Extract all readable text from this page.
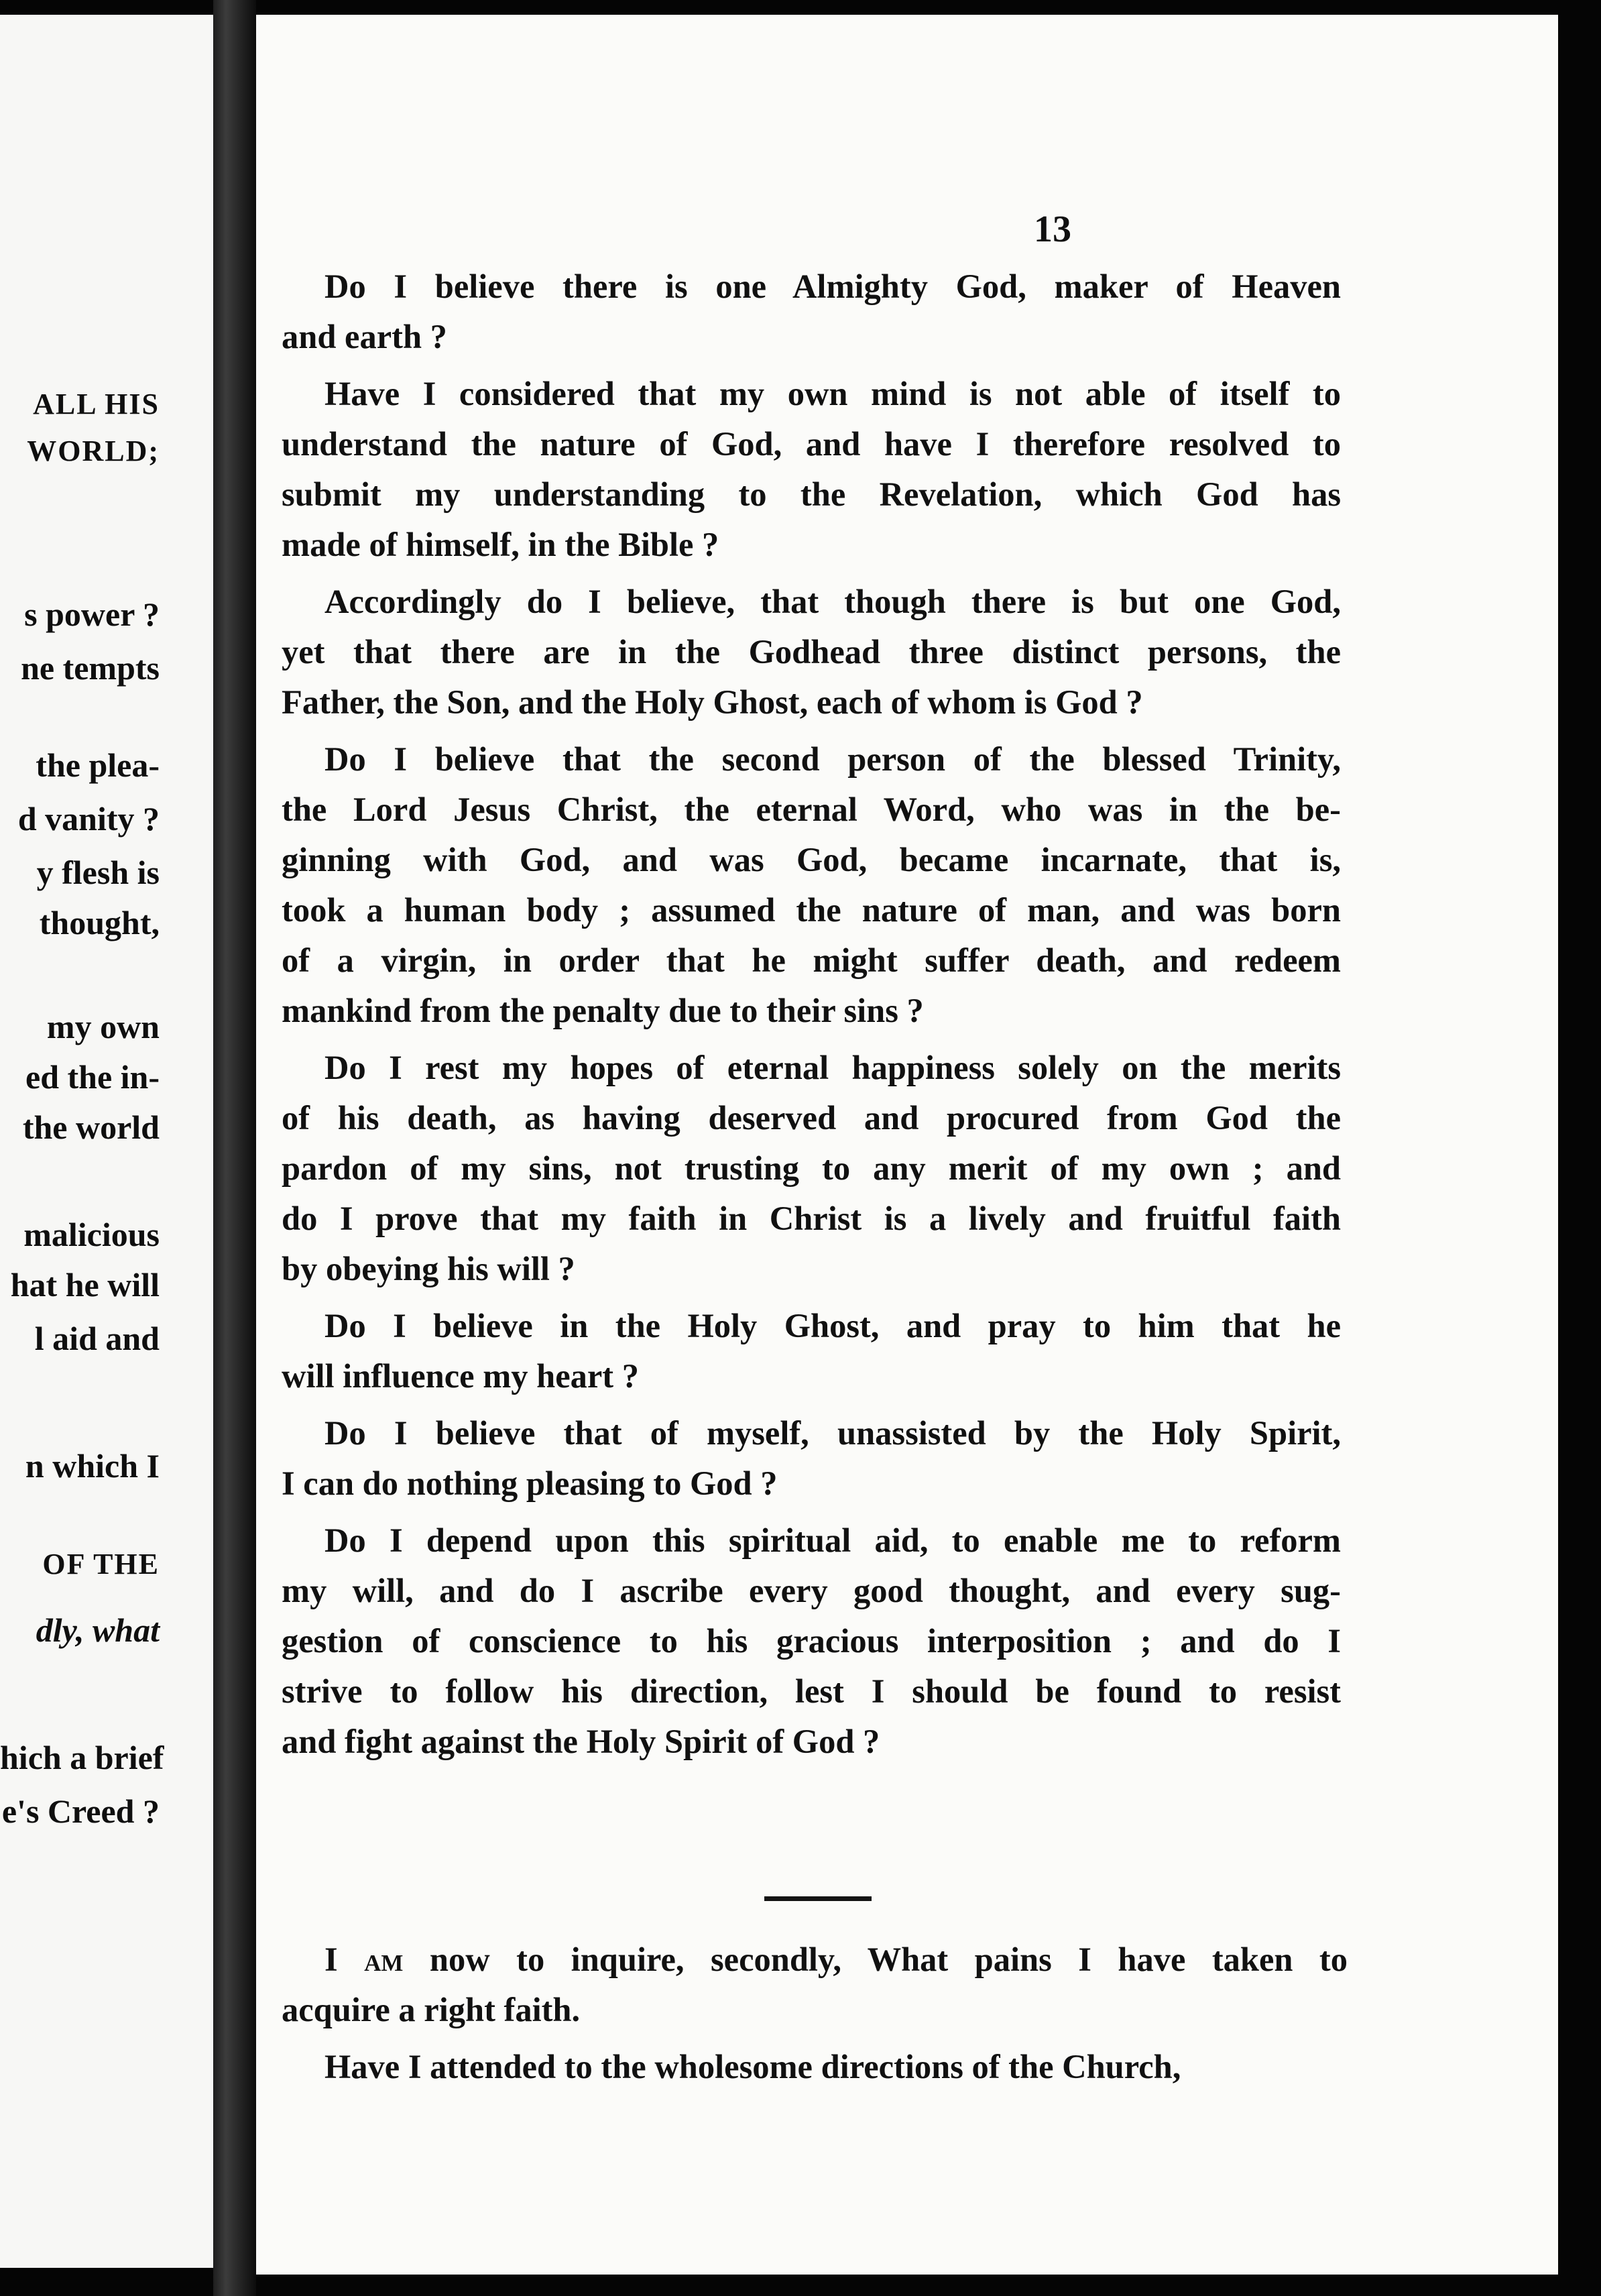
ALL HIS
WORLD;
s power ?
ne tempts
the plea-
d vanity ?
y flesh is
thought,
my own
ed the in-
the world
malicious
hat he will
l aid and
n which I
OF THE
dly, what
hich a brief
e's Creed ?
13

Do I believe there is one Almighty God, maker of Heaven
and earth ?

Have I considered that my own mind is not able of itself to
understand the nature of God, and have I therefore resolved to
submit my understanding to the Revelation, which God has
made of himself, in the Bible ?

Accordingly do I believe, that though there is but one God,
yet that there are in the Godhead three distinct persons, the
Father, the Son, and the Holy Ghost, each of whom is God ?

Do I believe that the second person of the blessed Trinity,
the Lord Jesus Christ, the eternal Word, who was in the be-
ginning with God, and was God, became incarnate, that is,
took a human body ; assumed the nature of man, and was born
of a virgin, in order that he might suffer death, and redeem
mankind from the penalty due to their sins ?

Do I rest my hopes of eternal happiness solely on the merits
of his death, as having deserved and procured from God the
pardon of my sins, not trusting to any merit of my own ; and
do I prove that my faith in Christ is a lively and fruitful faith
by obeying his will ?

Do I believe in the Holy Ghost, and pray to him that he
will influence my heart ?

Do I believe that of myself, unassisted by the Holy Spirit,
I can do nothing pleasing to God ?

Do I depend upon this spiritual aid, to enable me to reform
my will, and do I ascribe every good thought, and every sug-
gestion of conscience to his gracious interposition ; and do I
strive to follow his direction, lest I should be found to resist
and fight against the Holy Spirit of God ?

I am now to inquire, secondly, What pains I have taken to
acquire a right faith.

Have I attended to the wholesome directions of the Church,
